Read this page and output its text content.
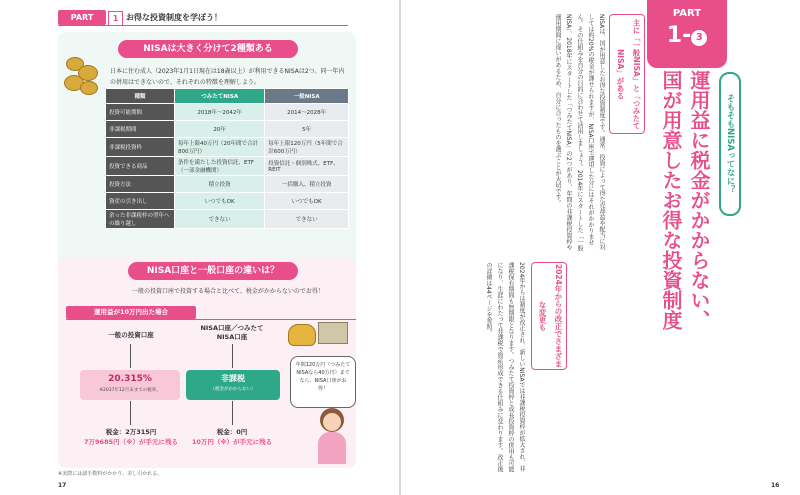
PART	1 お得な投資制度を学ぼう！
NISAは大きく分けて2種類ある
日本に住む成人（2023年1月1日現在は18歳以上）が利用できるNISAは2つ。同一年内の併用はできないので、それぞれの特徴を理解しよう。
種類	つみたてNISA	一般NISA
投資可能期間	2018年〜2042年	2014〜2028年
非課税期間	20年	5年
非課税投資枠	毎年上限40万円（20年間で合計800万円）	毎年上限120万円（5年間で合計600万円）
投資できる商品	条件を満たした投資信託、ETF（一部金融機関）	投資信託・個別株式、ETF、REIT
投資方法	積立投資	一括購入、積立投資
資産の引き出し	いつでもOK	いつでもOK
余った非課税枠の翌年への繰り越し	できない	できない
NISA口座と一般口座の違いは？
一般の投資口座で投資する場合と比べて、税金がかからないのでお得！
運用益が10万円出た場合
一般の投資口座
20.315%
※2037年12月末までの税率。
税金：2万315円
7万9685円（※）が手元に残る
NISA口座／つみたてNISA口座
非課税
（税金がかからない）
税金：0円
10万円（※）が手元に残る
年間120万円（つみたてNISAなら40万円）までなら、NISA口座がお得！
※実際には諸手数料がかかり、差し引かれる。
17
PART
1- 3
そもそもNISAってなに？
運用益に税金がかからない、
国が用意したお得な投資制度
主に「一般NISA」と「つみたてNISA」がある
NISAは、国が用意したお得な投資制度です。通常、投資によって得た売却益や配当に対しては約20%の税金が課せられますが、NISA口座で運用した分にはそれがかかりません。その仕組みを自分の目的に合わせて活用しましょう。2014年にスタートした「一般NISA」、2018年にスタートした「つみたてNISA」の2つがあり、年間の非課税投資枠や運用期間に違いがあるため、自分に合ったものを選ぶことが大切です。
2024年からの改正でさまざまな変更も
2024年からは制度が改正され、新しいNISAでは非課税投資枠が拡大され、非課税保有期間も無期限となります。つみたて投資枠と成長投資枠の併用も可能になり、生涯にわたって非課税で資産形成できる仕組みに変わります。改正後の詳細は44ページを参照。
16
